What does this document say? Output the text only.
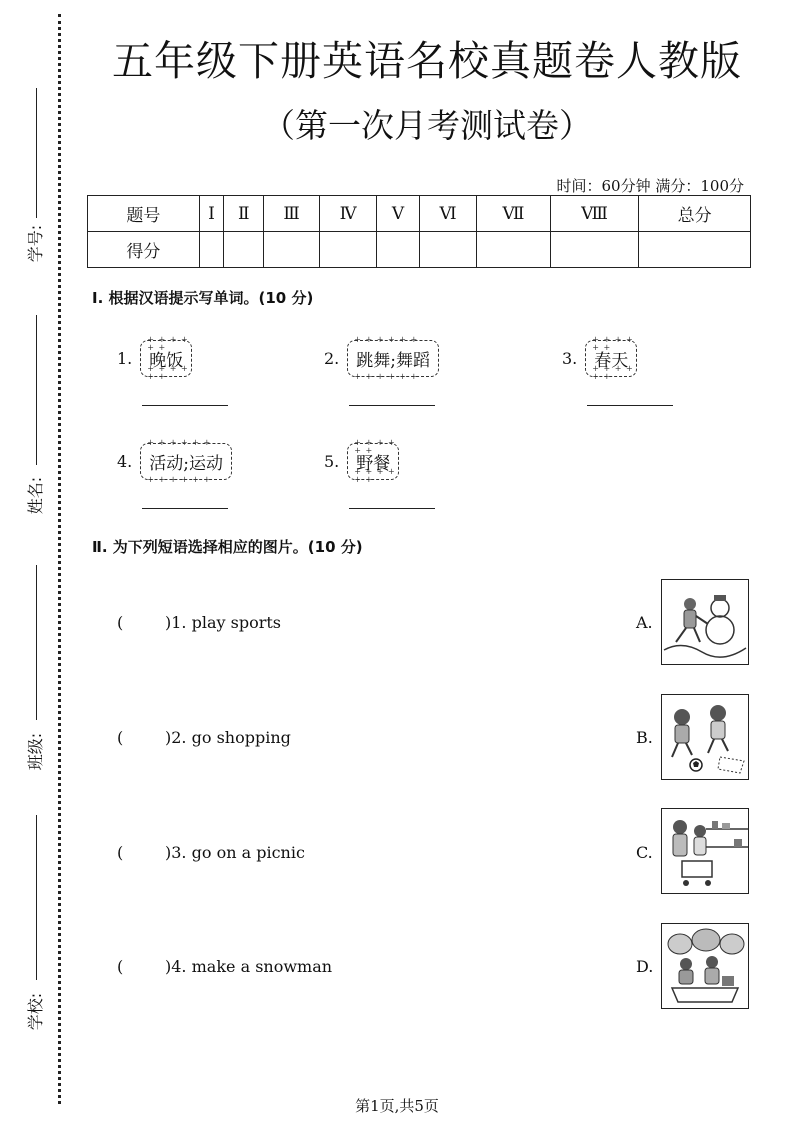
学号:
姓名:
班级:
学校:
五年级下册英语名校真题卷人教版
（第一次月考测试卷）
时间：60分钟 满分：100分
题号	Ⅰ	Ⅱ	Ⅲ	Ⅳ	Ⅴ	Ⅵ	Ⅶ	Ⅷ	总分
得分									
Ⅰ. 根据汉语提示写单词。(10 分)
1.	+ + + + + + 晚饭 + + + + + +	2.	+ + + + + + 跳舞;舞蹈 + + + + + +	3.	+ + + + + + 春天 + + + + + +
4.	+ + + + + + 活动;运动 + + + + + +	5.	+ + + + + + 野餐 + + + + + +
Ⅱ. 为下列短语选择相应的图片。(10 分)
(	)1. play sports
(	)2. go shopping
(	)3. go on a picnic
(	)4. make a snowman
A.
B.
C.
D.
第1页,共5页
